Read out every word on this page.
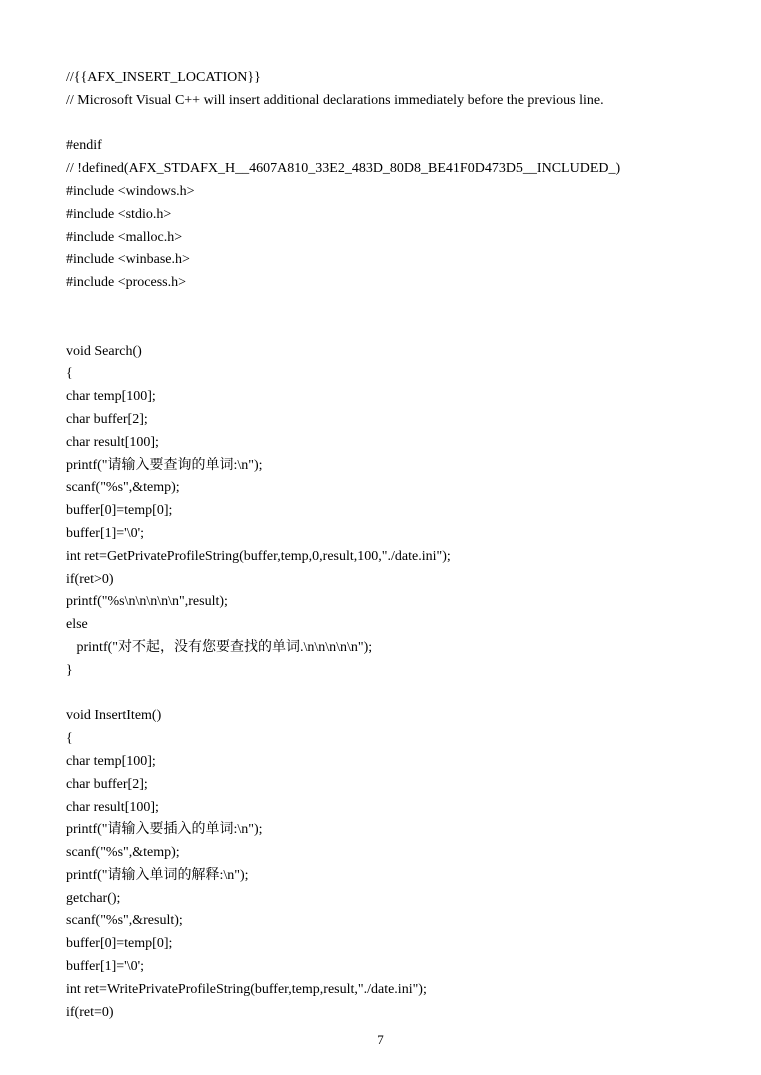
//{{AFX_INSERT_LOCATION}}
// Microsoft Visual C++ will insert additional declarations immediately before the previous line.
#endif
// !defined(AFX_STDAFX_H__4607A810_33E2_483D_80D8_BE41F0D473D5__INCLUDED_)
#include <windows.h>
#include <stdio.h>
#include <malloc.h>
#include <winbase.h>
#include <process.h>
void Search()
{
char temp[100];
char buffer[2];
char result[100];
printf("请输入要查询的单词:\n");
scanf("%s",&temp);
buffer[0]=temp[0];
buffer[1]='\0';
int ret=GetPrivateProfileString(buffer,temp,0,result,100,"./date.ini");
if(ret>0)
printf("%s\n\n\n\n\n",result);
else
printf("对不起，没有您要查找的单词.\n\n\n\n\n");
}
void InsertItem()
{
char temp[100];
char buffer[2];
char result[100];
printf("请输入要插入的单词:\n");
scanf("%s",&temp);
printf("请输入单词的解释:\n");
getchar();
scanf("%s",&result);
buffer[0]=temp[0];
buffer[1]='\0';
int ret=WritePrivateProfileString(buffer,temp,result,"./date.ini");
if(ret=0)
7
